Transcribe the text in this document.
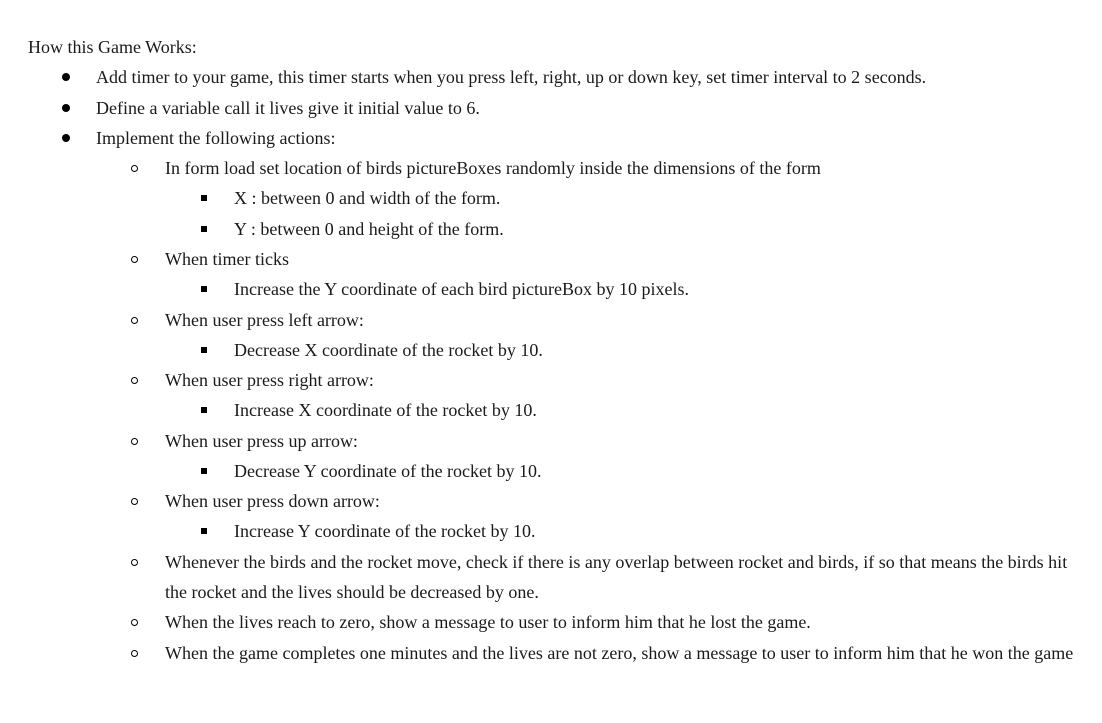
How this Game Works:
Add timer to your game, this timer starts when you press left, right, up or down key, set timer interval to 2 seconds.
Define a variable call it lives give it initial value to 6.
Implement the following actions:
In form load set location of birds pictureBoxes randomly inside the dimensions of the form
X : between 0 and width of the form.
Y : between 0 and height of the form.
When timer ticks
Increase the Y coordinate of each bird pictureBox by 10 pixels.
When user press left arrow:
Decrease X coordinate of the rocket by 10.
When user press right arrow:
Increase X coordinate of the rocket by 10.
When user press up arrow:
Decrease Y coordinate of the rocket by 10.
When user press down arrow:
Increase Y coordinate of the rocket by 10.
Whenever the birds and the rocket move, check if there is any overlap between rocket and birds, if so that means the birds hit the rocket and the lives should be decreased by one.
When the lives reach to zero, show a message to user to inform him that he lost the game.
When the game completes one minutes and the lives are not zero, show a message to user to inform him that he won the game
